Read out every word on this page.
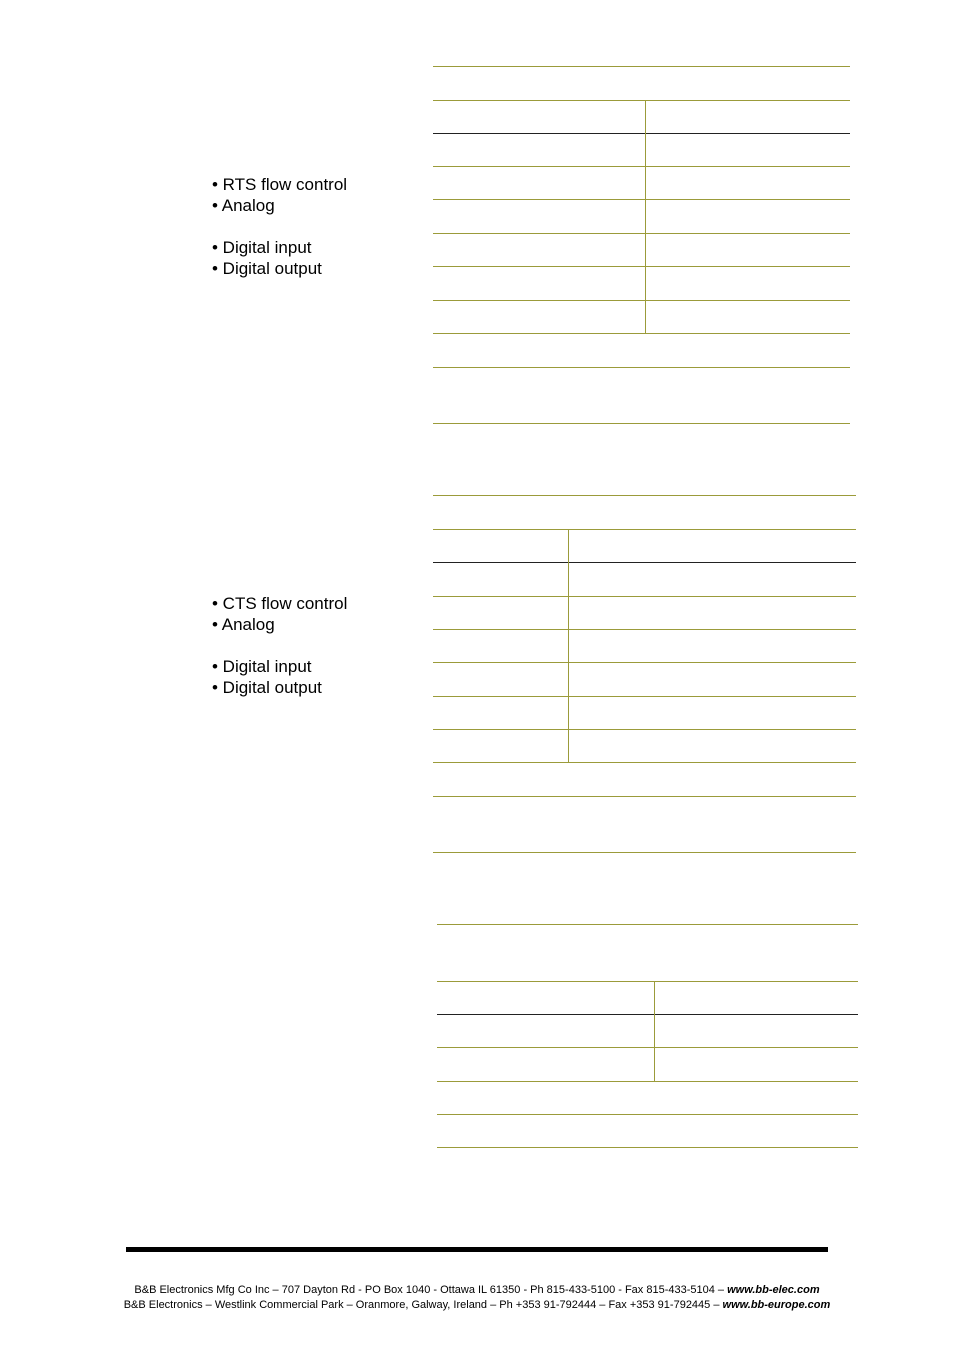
• RTS flow control
• Analog
• Digital input
• Digital output
• CTS flow control
• Analog
• Digital input
• Digital output
B&B Electronics Mfg Co Inc – 707 Dayton Rd - PO Box 1040 - Ottawa IL 61350 - Ph 815-433-5100 - Fax 815-433-5104 – www.bb-elec.com
B&B Electronics – Westlink Commercial Park – Oranmore, Galway, Ireland – Ph +353 91-792444 – Fax +353 91-792445 – www.bb-europe.com
